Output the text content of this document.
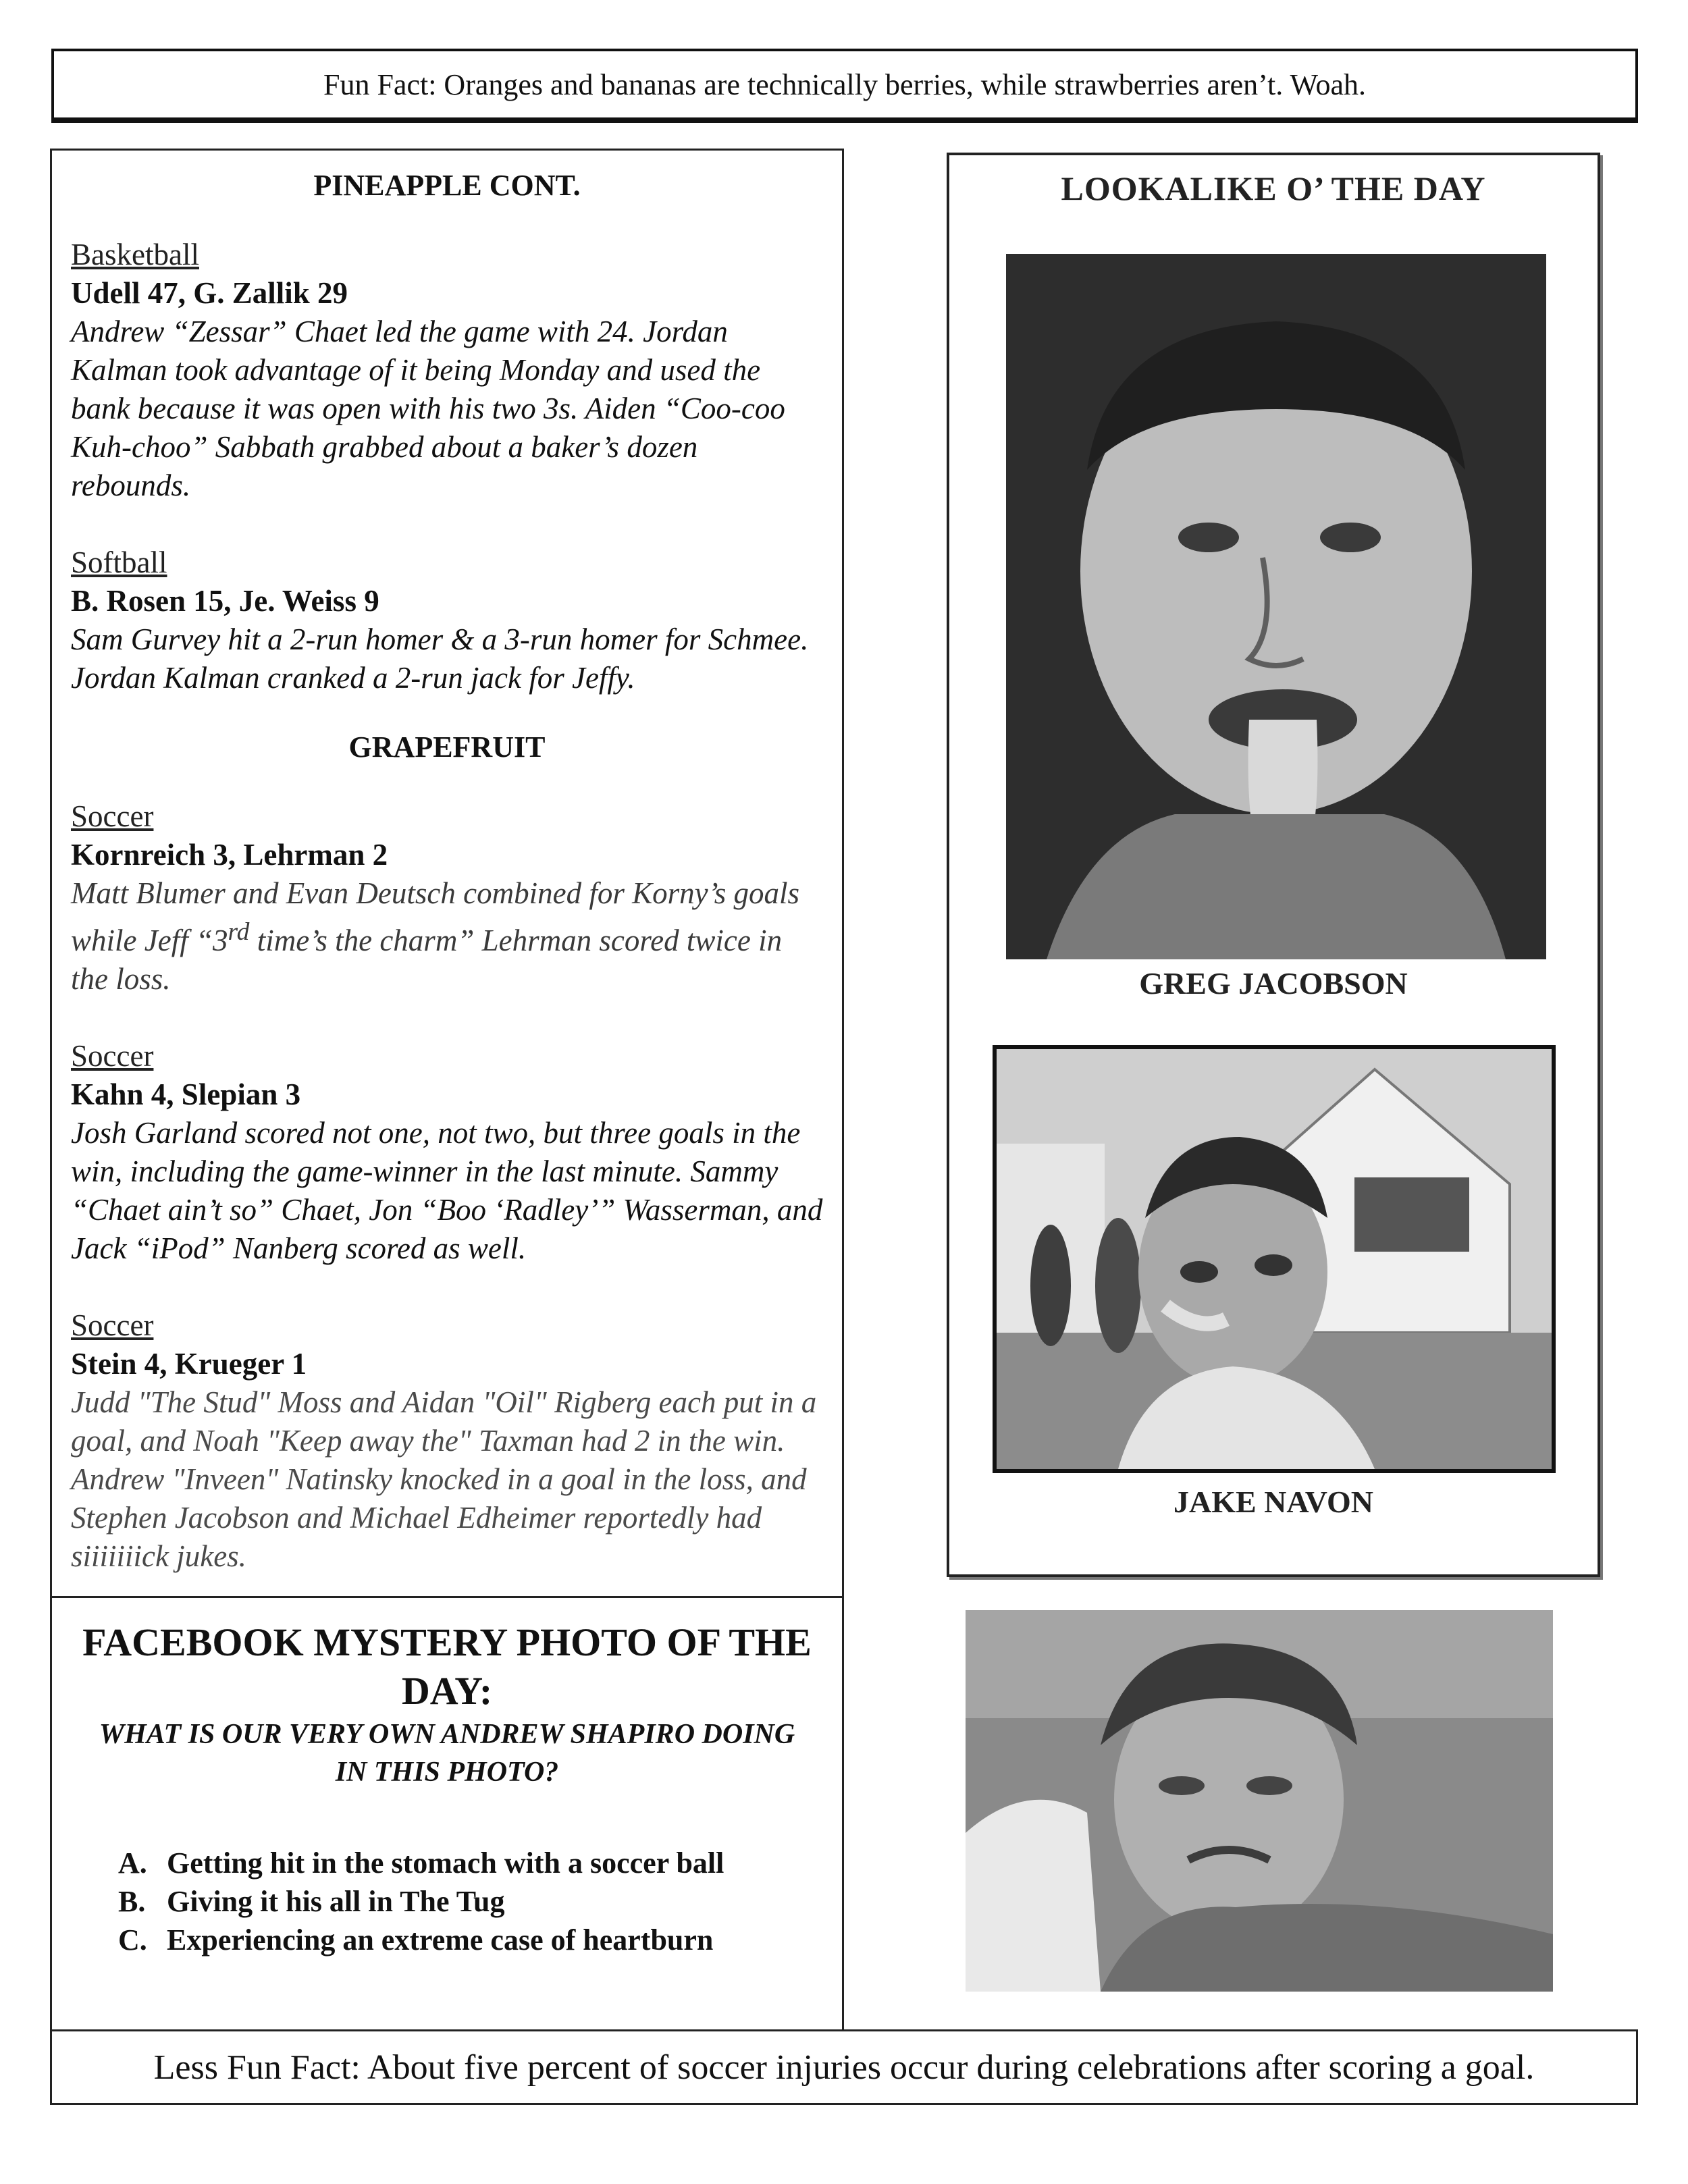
Fun Fact: Oranges and bananas are technically berries, while strawberries aren’t. Woah.
PINEAPPLE CONT.
Basketball
Udell 47, G. Zallik 29
Andrew “Zessar” Chaet led the game with 24. Jordan Kalman took advantage of it being Monday and used the bank because it was open with his two 3s. Aiden “Coo-coo Kuh-choo” Sabbath grabbed about a baker’s dozen rebounds.
Softball
B. Rosen 15, Je. Weiss 9
Sam Gurvey hit a 2-run homer & a 3-run homer for Schmee. Jordan Kalman cranked a 2-run jack for Jeffy.
GRAPEFRUIT
Soccer
Kornreich 3, Lehrman 2
Matt Blumer and Evan Deutsch combined for Korny’s goals while Jeff “3rd time’s the charm” Lehrman scored twice in the loss.
Soccer
Kahn 4, Slepian 3
Josh Garland scored not one, not two, but three goals in the win, including the game-winner in the last minute. Sammy “Chaet ain’t so” Chaet, Jon “Boo ‘Radley’” Wasserman, and Jack “iPod” Nanberg scored as well.
Soccer
Stein 4, Krueger 1
Judd "The Stud" Moss and Aidan "Oil" Rigberg each put in a goal, and Noah "Keep away the" Taxman had 2 in the win. Andrew "Inveen" Natinsky knocked in a goal in the loss, and Stephen Jacobson and Michael Edheimer reportedly had siiiiiiick jukes.
LOOKALIKE O’ THE DAY
GREG JACOBSON
JAKE NAVON
FACEBOOK MYSTERY PHOTO OF THE DAY:
WHAT IS OUR VERY OWN ANDREW SHAPIRO DOING IN THIS PHOTO?
A. Getting hit in the stomach with a soccer ball
B. Giving it his all in The Tug
C. Experiencing an extreme case of heartburn
Less Fun Fact: About five percent of soccer injuries occur during celebrations after scoring a goal.
